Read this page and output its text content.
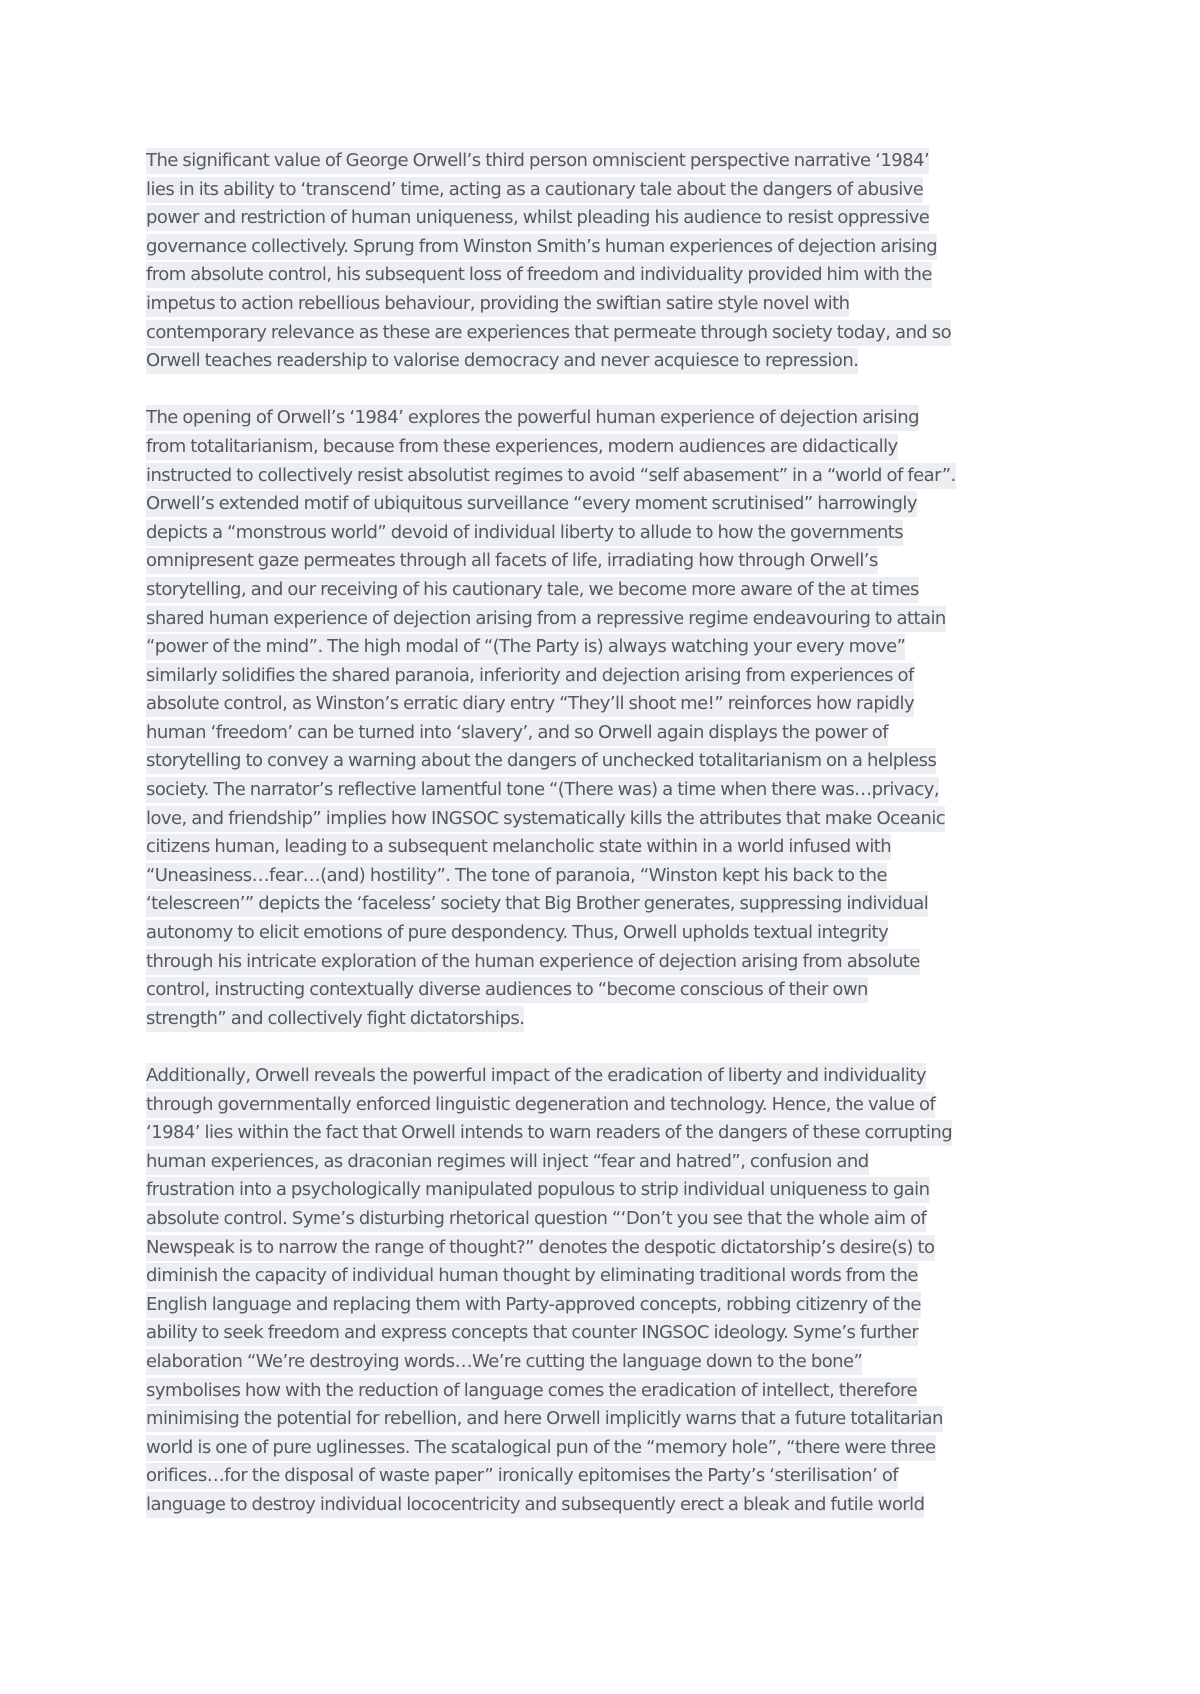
The significant value of George Orwell’s third person omniscient perspective narrative ‘1984’
lies in its ability to ‘transcend’ time, acting as a cautionary tale about the dangers of abusive
power and restriction of human uniqueness, whilst pleading his audience to resist oppressive
governance collectively. Sprung from Winston Smith’s human experiences of dejection arising
from absolute control, his subsequent loss of freedom and individuality provided him with the
impetus to action rebellious behaviour, providing the swiftian satire style novel with
contemporary relevance as these are experiences that permeate through society today, and so
Orwell teaches readership to valorise democracy and never acquiesce to repression.
The opening of Orwell’s ‘1984’ explores the powerful human experience of dejection arising
from totalitarianism, because from these experiences, modern audiences are didactically
instructed to collectively resist absolutist regimes to avoid “self abasement” in a “world of fear”.
Orwell’s extended motif of ubiquitous surveillance “every moment scrutinised” harrowingly
depicts a “monstrous world” devoid of individual liberty to allude to how the governments
omnipresent gaze permeates through all facets of life, irradiating how through Orwell’s
storytelling, and our receiving of his cautionary tale, we become more aware of the at times
shared human experience of dejection arising from a repressive regime endeavouring to attain
“power of the mind”. The high modal of “(The Party is) always watching your every move”
similarly solidifies the shared paranoia, inferiority and dejection arising from experiences of
absolute control, as Winston’s erratic diary entry “They’ll shoot me!” reinforces how rapidly
human ‘freedom’ can be turned into ‘slavery’, and so Orwell again displays the power of
storytelling to convey a warning about the dangers of unchecked totalitarianism on a helpless
society. The narrator’s reflective lamentful tone “(There was) a time when there was…privacy,
love, and friendship” implies how INGSOC systematically kills the attributes that make Oceanic
citizens human, leading to a subsequent melancholic state within in a world infused with
“Uneasiness…fear…(and) hostility”. The tone of paranoia, “Winston kept his back to the
‘telescreen’” depicts the ‘faceless’ society that Big Brother generates, suppressing individual
autonomy to elicit emotions of pure despondency. Thus, Orwell upholds textual integrity
through his intricate exploration of the human experience of dejection arising from absolute
control, instructing contextually diverse audiences to “become conscious of their own
strength” and collectively fight dictatorships.
Additionally, Orwell reveals the powerful impact of the eradication of liberty and individuality
through governmentally enforced linguistic degeneration and technology. Hence, the value of
‘1984’ lies within the fact that Orwell intends to warn readers of the dangers of these corrupting
human experiences, as draconian regimes will inject “fear and hatred”, confusion and
frustration into a psychologically manipulated populous to strip individual uniqueness to gain
absolute control. Syme’s disturbing rhetorical question “‘Don’t you see that the whole aim of
Newspeak is to narrow the range of thought?” denotes the despotic dictatorship’s desire(s) to
diminish the capacity of individual human thought by eliminating traditional words from the
English language and replacing them with Party-approved concepts, robbing citizenry of the
ability to seek freedom and express concepts that counter INGSOC ideology. Syme’s further
elaboration “We’re destroying words…We’re cutting the language down to the bone”
symbolises how with the reduction of language comes the eradication of intellect, therefore
minimising the potential for rebellion, and here Orwell implicitly warns that a future totalitarian
world is one of pure uglinesses. The scatalogical pun of the “memory hole”, “there were three
orifices…for the disposal of waste paper” ironically epitomises the Party’s ‘sterilisation’ of
language to destroy individual lococentricity and subsequently erect a bleak and futile world
